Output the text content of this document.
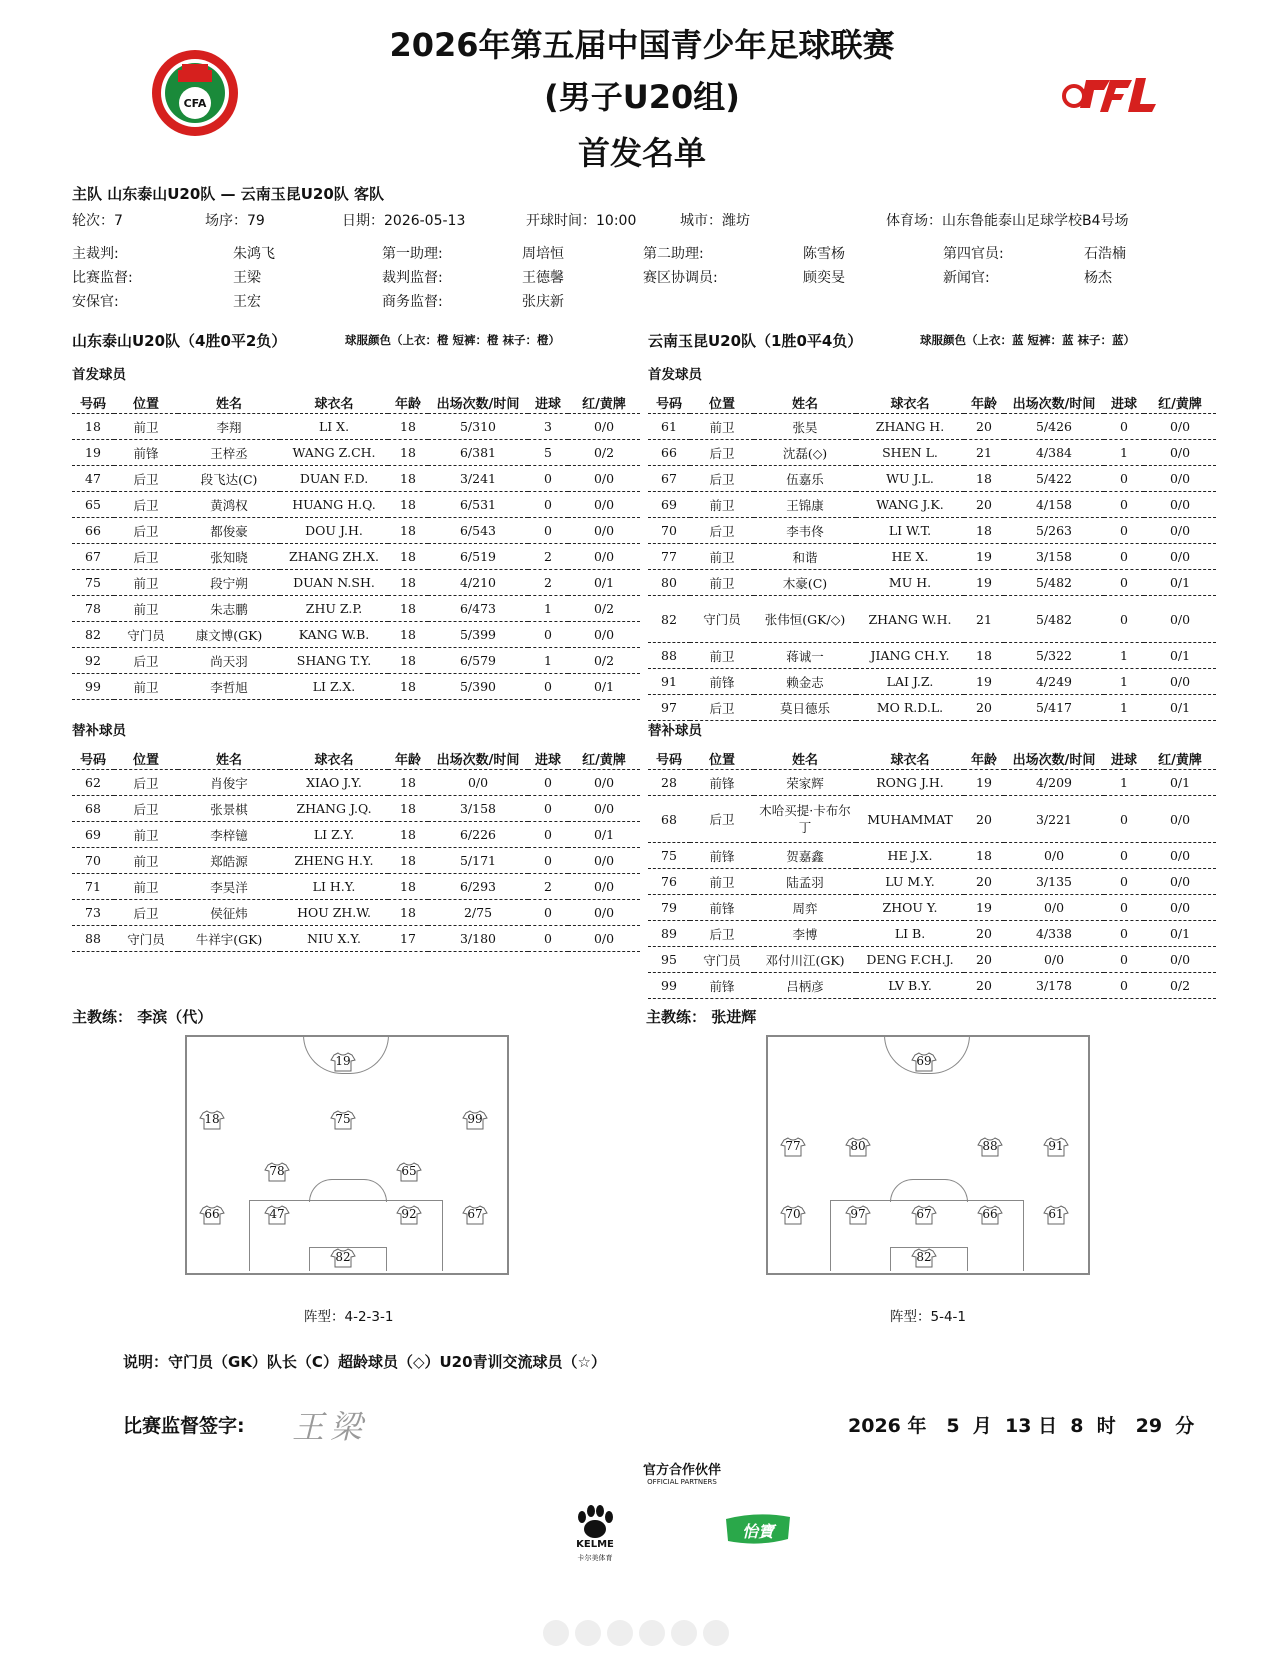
2026年第五届中国青少年足球联赛
(男子U20组)
首发名单
CFA
主队 山东泰山U20队 — 云南玉昆U20队 客队
轮次：7	场序：79	日期：2026-05-13	开球时间：10:00	城市：潍坊	体育场：山东鲁能泰山足球学校B4号场
主裁判:	朱鸿飞	第一助理:	周培恒	第二助理:	陈雪杨	第四官员:	石浩楠
比赛监督:	王梁	裁判监督:	王德馨	赛区协调员:	顾奕旻	新闻官:	杨杰
安保官:	王宏	商务监督:	张庆新
山东泰山U20队（4胜0平2负）	球服颜色（上衣：橙 短裤：橙 袜子：橙）	云南玉昆U20队（1胜0平4负）	球服颜色（上衣：蓝 短裤：蓝 袜子：蓝）
首发球员	首发球员
替补球员	替补球员
号码	位置	姓名	球衣名	年龄	出场次数/时间	进球	红/黄牌
18	前卫	李翔	LI X.	18	5/310	3	0/0
19	前锋	王梓丞	WANG Z.CH.	18	6/381	5	0/2
47	后卫	段飞达(C)	DUAN F.D.	18	3/241	0	0/0
65	后卫	黄鸿权	HUANG H.Q.	18	6/531	0	0/0
66	后卫	都俊豪	DOU J.H.	18	6/543	0	0/0
67	后卫	张知晓	ZHANG ZH.X.	18	6/519	2	0/0
75	前卫	段宁朔	DUAN N.SH.	18	4/210	2	0/1
78	前卫	朱志鹏	ZHU Z.P.	18	6/473	1	0/2
82	守门员	康文博(GK)	KANG W.B.	18	5/399	0	0/0
92	后卫	尚天羽	SHANG T.Y.	18	6/579	1	0/2
99	前卫	李哲旭	LI Z.X.	18	5/390	0	0/1
号码	位置	姓名	球衣名	年龄	出场次数/时间	进球	红/黄牌
61	前卫	张昊	ZHANG H.	20	5/426	0	0/0
66	后卫	沈磊(◇)	SHEN L.	21	4/384	1	0/0
67	后卫	伍嘉乐	WU J.L.	18	5/422	0	0/0
69	前卫	王锦康	WANG J.K.	20	4/158	0	0/0
70	后卫	李韦佟	LI W.T.	18	5/263	0	0/0
77	前卫	和谐	HE X.	19	3/158	0	0/0
80	前卫	木豪(C)	MU H.	19	5/482	0	0/1
82	守门员	张伟恒(GK/◇)	ZHANG W.H.	21	5/482	0	0/0
88	前卫	蒋诚一	JIANG CH.Y.	18	5/322	1	0/1
91	前锋	赖金志	LAI J.Z.	19	4/249	1	0/0
97	后卫	莫日德乐	MO R.D.L.	20	5/417	1	0/1
号码	位置	姓名	球衣名	年龄	出场次数/时间	进球	红/黄牌
62	后卫	肖俊宇	XIAO J.Y.	18	0/0	0	0/0
68	后卫	张景棋	ZHANG J.Q.	18	3/158	0	0/0
69	前卫	李梓镱	LI Z.Y.	18	6/226	0	0/1
70	前卫	郑皓源	ZHENG H.Y.	18	5/171	0	0/0
71	前卫	李昊洋	LI H.Y.	18	6/293	2	0/0
73	后卫	侯征炜	HOU ZH.W.	18	2/75	0	0/0
88	守门员	牛祥宇(GK)	NIU X.Y.	17	3/180	0	0/0
号码	位置	姓名	球衣名	年龄	出场次数/时间	进球	红/黄牌
28	前锋	荣家辉	RONG J.H.	19	4/209	1	0/1
68	后卫	木哈买提·卡布尔丁	MUHAMMAT	20	3/221	0	0/0
75	前锋	贺嘉鑫	HE J.X.	18	0/0	0	0/0
76	前卫	陆孟羽	LU M.Y.	20	3/135	0	0/0
79	前锋	周弈	ZHOU Y.	19	0/0	0	0/0
89	后卫	李博	LI B.	20	4/338	0	0/1
95	守门员	邓付川江(GK)	DENG F.CH.J.	20	0/0	0	0/0
99	前锋	吕柄彦	LV B.Y.	20	3/178	0	0/2
主教练： 李滨（代）	主教练： 张进辉
19
18	75	99
78	65
66	47	92	67
82
69
77	80	88	91
70	97	67	66	61
82
阵型：4-2-3-1	阵型：5-4-1
说明：守门员（GK）队长（C）超龄球员（◇）U20青训交流球员（☆）
比赛监督签字: 王梁	2026 年   5  月  13 日  8  时   29  分
官方合作伙伴
OFFICIAL PARTNERS
KELME
卡尔美体育
怡寶
